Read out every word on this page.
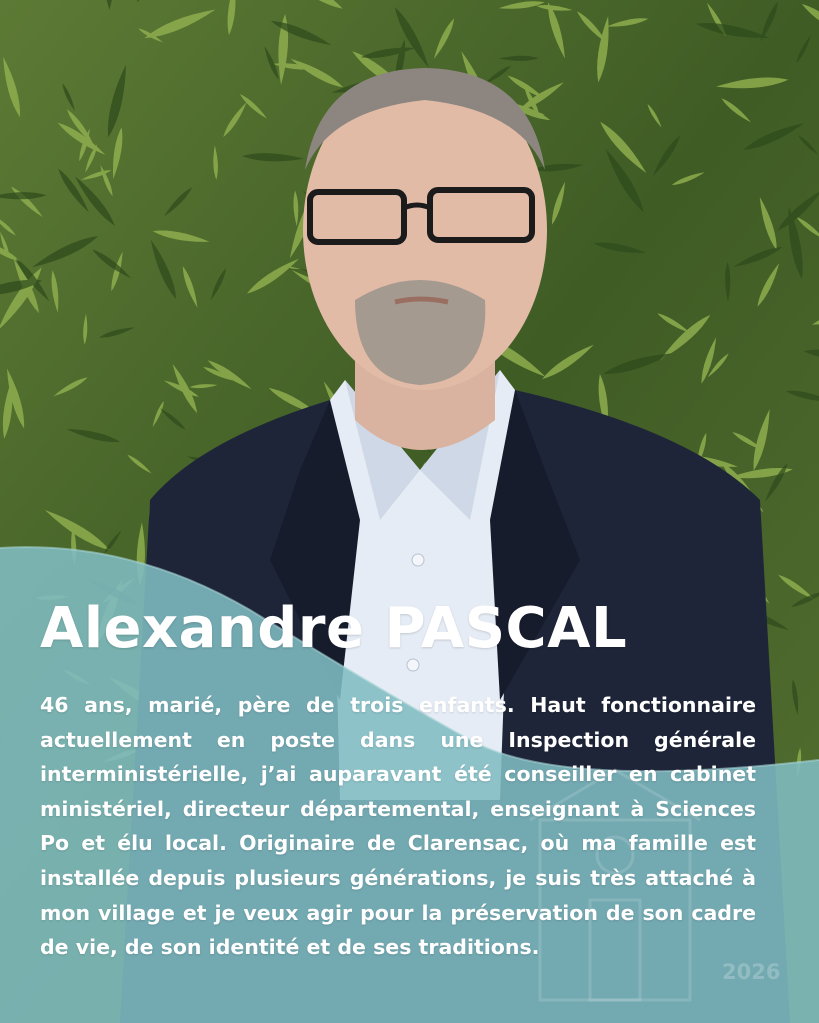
Alexandre PASCAL

46 ans, marié, père de trois enfants. Haut fonctionnaire actuellement en poste dans une Inspection générale interministérielle, j’ai auparavant été conseiller en cabinet ministériel, directeur départemental, enseignant à Sciences Po et élu local. Originaire de Clarensac, où ma famille est installée depuis plusieurs générations, je suis très attaché à mon village et je veux agir pour la préservation de son cadre de vie, de son identité et de ses traditions.

2026
